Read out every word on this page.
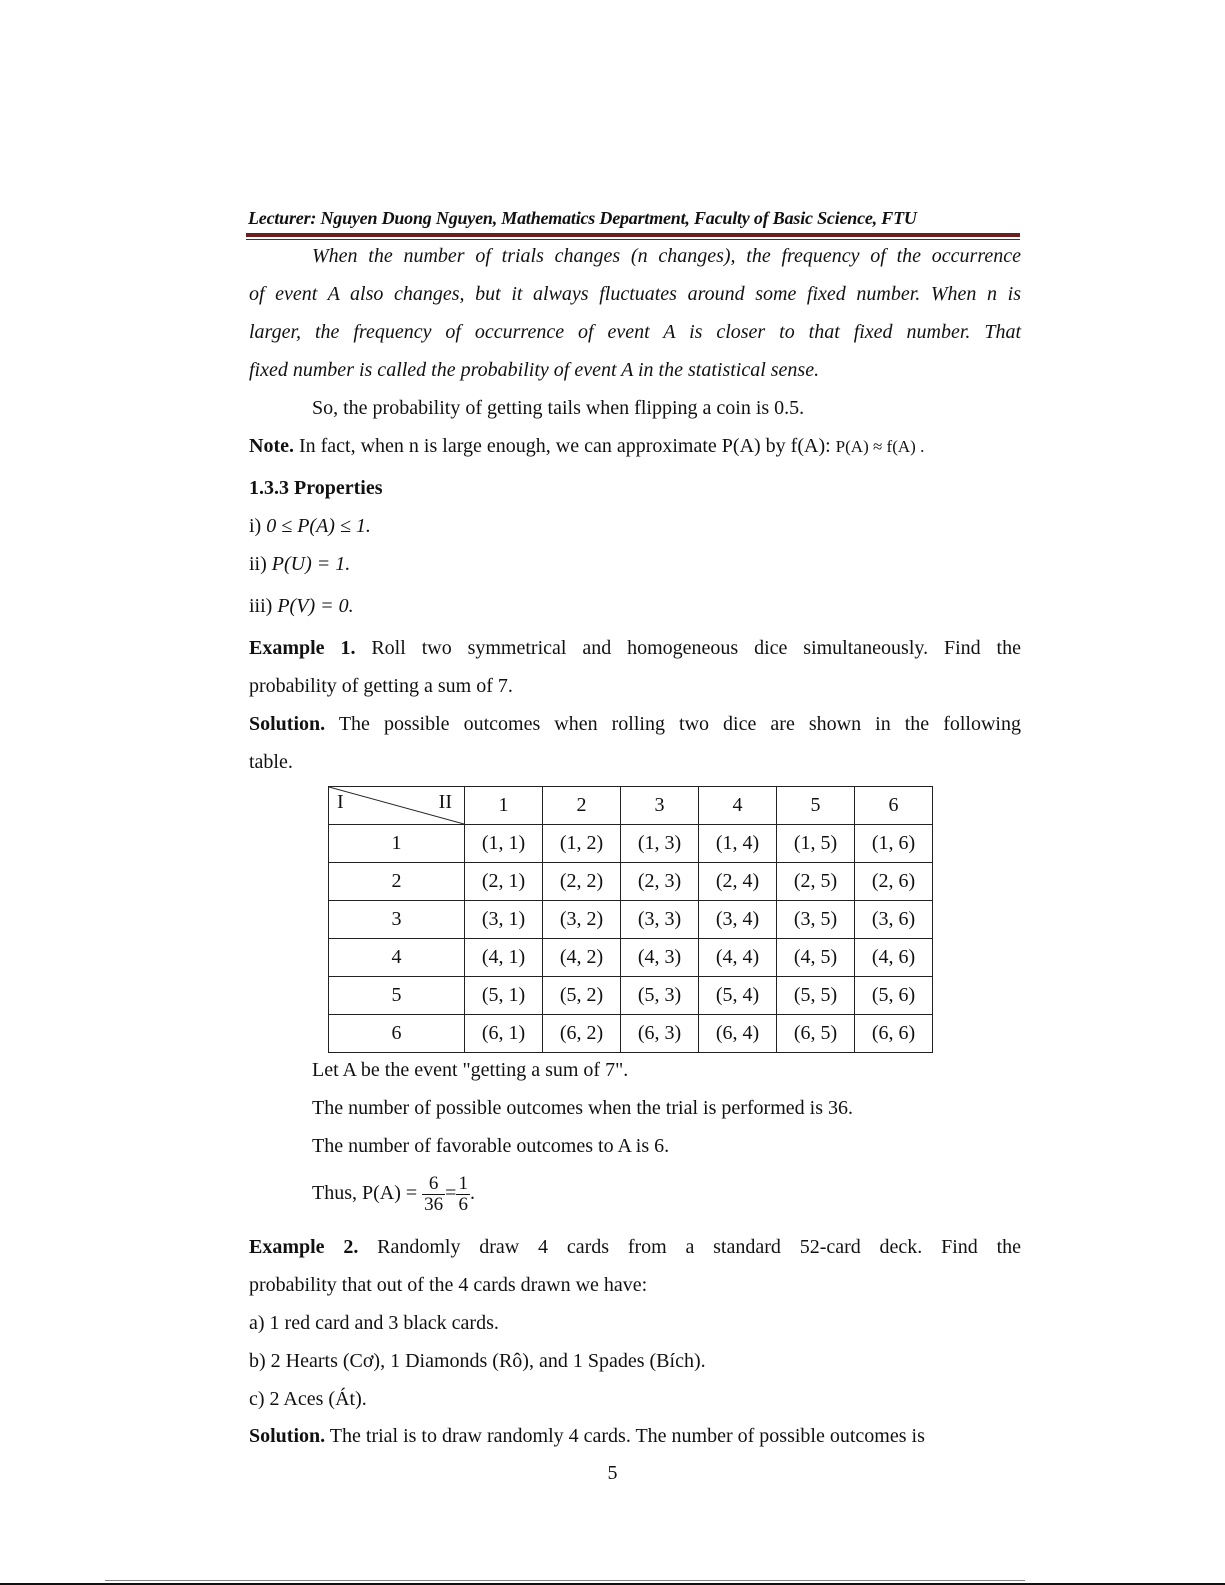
Lecturer: Nguyen Duong Nguyen, Mathematics Department, Faculty of Basic Science, FTU
When the number of trials changes (n changes), the frequency of the occurrence
of event A also changes, but it always fluctuates around some fixed number. When n is
larger, the frequency of occurrence of event A is closer to that fixed number. That
fixed number is called the probability of event A in the statistical sense.
So, the probability of getting tails when flipping a coin is 0.5.
Note. In fact, when n is large enough, we can approximate P(A) by f(A): P(A) ≈ f(A) .
1.3.3 Properties
i) 0 ≤ P(A) ≤ 1.
ii) P(U) = 1.
iii) P(V) = 0.
Example 1. Roll two symmetrical and homogeneous dice simultaneously. Find the
probability of getting a sum of 7.
Solution. The possible outcomes when rolling two dice are shown in the following
table.
I II	1	2	3	4	5	6
1	(1, 1)	(1, 2)	(1, 3)	(1, 4)	(1, 5)	(1, 6)
2	(2, 1)	(2, 2)	(2, 3)	(2, 4)	(2, 5)	(2, 6)
3	(3, 1)	(3, 2)	(3, 3)	(3, 4)	(3, 5)	(3, 6)
4	(4, 1)	(4, 2)	(4, 3)	(4, 4)	(4, 5)	(4, 6)
5	(5, 1)	(5, 2)	(5, 3)	(5, 4)	(5, 5)	(5, 6)
6	(6, 1)	(6, 2)	(6, 3)	(6, 4)	(6, 5)	(6, 6)
Let A be the event "getting a sum of 7".
The number of possible outcomes when the trial is performed is 36.
The number of favorable outcomes to A is 6.
Thus, $P(A) = \frac{6}{36} = \frac{1}{6}$ .
Example 2. Randomly draw 4 cards from a standard 52-card deck. Find the
probability that out of the 4 cards drawn we have:
a) 1 red card and 3 black cards.
b) 2 Hearts (Cơ), 1 Diamonds (Rô), and 1 Spades (Bích).
c) 2 Aces (Át).
Solution. The trial is to draw randomly 4 cards. The number of possible outcomes is
5
